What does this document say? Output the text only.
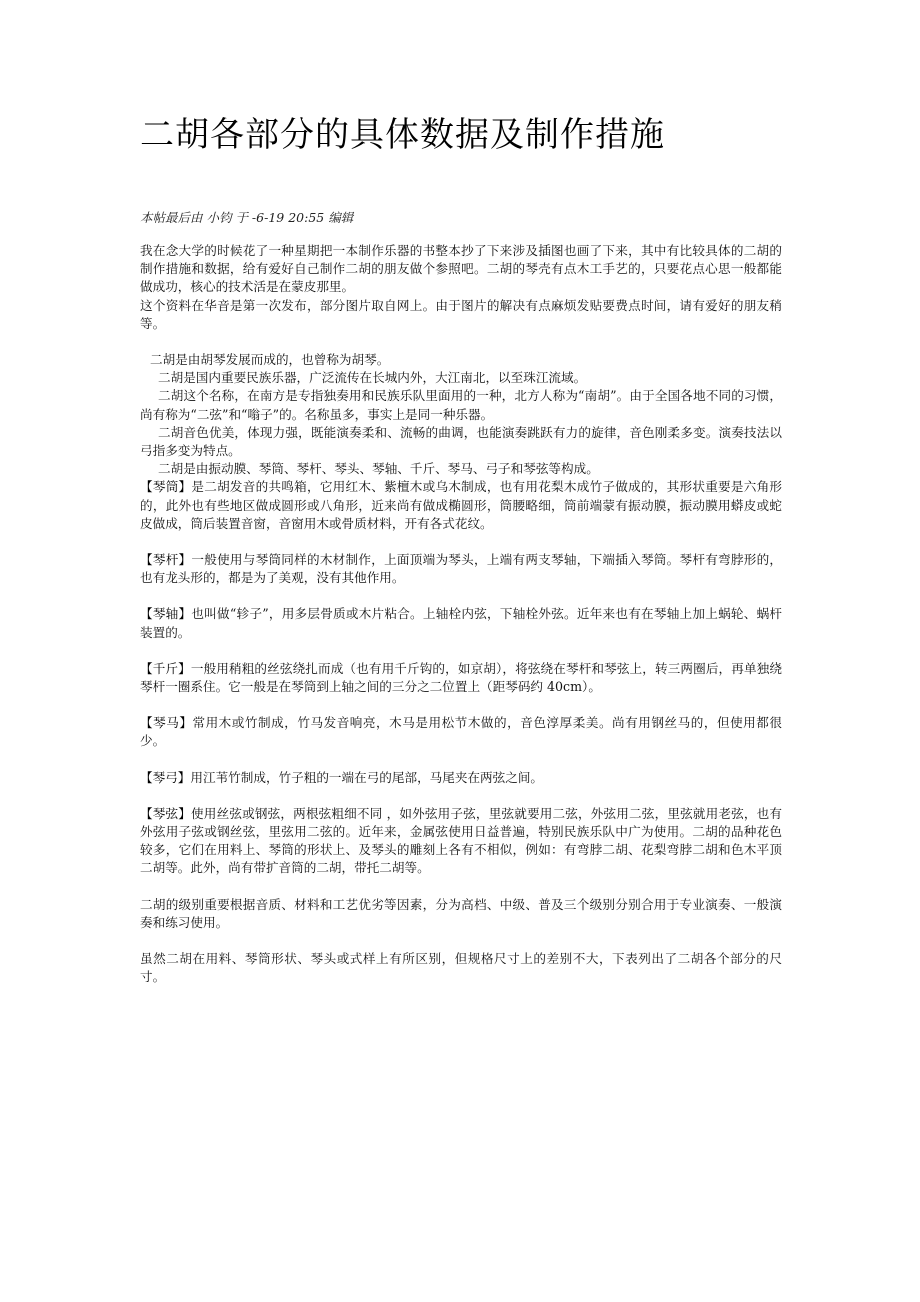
二胡各部分的具体数据及制作措施

本帖最后由 小钧 于 -6-19 20:55 编辑

我在念大学的时候花了一种星期把一本制作乐器的书整本抄了下来涉及插图也画了下来，其中有比较具体的二胡的制作措施和数据，给有爱好自己制作二胡的朋友做个参照吧。二胡的琴壳有点木工手艺的，只要花点心思一般都能做成功，核心的技术活是在蒙皮那里。

这个资料在华音是第一次发布，部分图片取自网上。由于图片的解决有点麻烦发贴要费点时间，请有爱好的朋友稍等。

二胡是由胡琴发展而成的，也曾称为胡琴。

二胡是国内重要民族乐器，广泛流传在长城内外，大江南北，以至珠江流域。

二胡这个名称，在南方是专指独奏用和民族乐队里面用的一种，北方人称为“南胡”。由于全国各地不同的习惯，尚有称为“二弦”和“嗡子”的。名称虽多，事实上是同一种乐器。

二胡音色优美，体现力强，既能演奏柔和、流畅的曲调，也能演奏跳跃有力的旋律，音色刚柔多变。演奏技法以弓指多变为特点。

二胡是由振动膜、琴筒、琴杆、琴头、琴轴、千斤、琴马、弓子和琴弦等构成。

【琴筒】是二胡发音的共鸣箱，它用红木、紫檀木或乌木制成，也有用花梨木成竹子做成的，其形状重要是六角形的，此外也有些地区做成圆形或八角形，近来尚有做成椭圆形，筒腰略细，筒前端蒙有振动膜，振动膜用蟒皮或蛇皮做成，筒后装置音窗，音窗用木或骨质材料，开有各式花纹。

【琴杆】一般使用与琴筒同样的木材制作，上面顶端为琴头，上端有两支琴轴，下端插入琴筒。琴杆有弯脖形的，也有龙头形的，都是为了美观，没有其他作用。

【琴轴】也叫做“轸子”，用多层骨质或木片粘合。上轴栓内弦，下轴栓外弦。近年来也有在琴轴上加上蜗轮、蜗杆装置的。

【千斤】一般用稍粗的丝弦绕扎而成（也有用千斤钩的，如京胡），将弦绕在琴杆和琴弦上，转三两圈后，再单独绕琴杆一圈系住。它一般是在琴筒到上轴之间的三分之二位置上（距琴码约 40cm）。

【琴马】常用木或竹制成，竹马发音响亮，木马是用松节木做的，音色淳厚柔美。尚有用钢丝马的，但使用都很少。

【琴弓】用江苇竹制成，竹子粗的一端在弓的尾部，马尾夹在两弦之间。

【琴弦】使用丝弦或钢弦，两根弦粗细不同 ，如外弦用子弦，里弦就要用二弦，外弦用二弦，里弦就用老弦，也有外弦用子弦或钢丝弦，里弦用二弦的。近年来，金属弦使用日益普遍，特别民族乐队中广为使用。二胡的品种花色较多，它们在用料上、琴筒的形状上、及琴头的雕刻上各有不相似，例如：有弯脖二胡、花梨弯脖二胡和色木平顶二胡等。此外，尚有带扩音筒的二胡，带托二胡等。

二胡的级别重要根据音质、材料和工艺优劣等因素，分为高档、中级、普及三个级别分别合用于专业演奏、一般演奏和练习使用。

虽然二胡在用料、琴筒形状、琴头或式样上有所区别，但规格尺寸上的差别不大，下表列出了二胡各个部分的尺寸。
